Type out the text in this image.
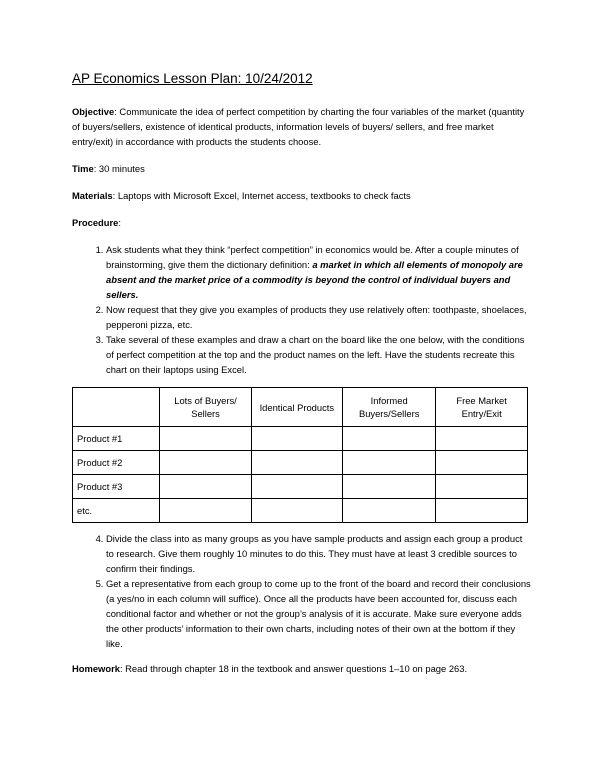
AP Economics Lesson Plan: 10/24/2012

Objective: Communicate the idea of perfect competition by charting the four variables of the market (quantity of buyers/sellers, existence of identical products, information levels of buyers/ sellers, and free market entry/exit) in accordance with products the students choose.

Time: 30 minutes

Materials: Laptops with Microsoft Excel, Internet access, textbooks to check facts

Procedure:

1. Ask students what they think “perfect competition” in economics would be. After a couple minutes of brainstorming, give them the dictionary definition: a market in which all elements of monopoly are absent and the market price of a commodity is beyond the control of individual buyers and sellers.
2. Now request that they give you examples of products they use relatively often: toothpaste, shoelaces, pepperoni pizza, etc.
3. Take several of these examples and draw a chart on the board like the one below, with the conditions of perfect competition at the top and the product names on the left. Have the students recreate this chart on their laptops using Excel.
	Lots of Buyers/ Sellers	Identical Products	Informed Buyers/Sellers	Free Market Entry/Exit
Product #1				
Product #2				
Product #3				
etc.				
4. Divide the class into as many groups as you have sample products and assign each group a product to research. Give them roughly 10 minutes to do this. They must have at least 3 credible sources to confirm their findings.
5. Get a representative from each group to come up to the front of the board and record their conclusions (a yes/no in each column will suffice). Once all the products have been accounted for, discuss each conditional factor and whether or not the group’s analysis of it is accurate. Make sure everyone adds the other products’ information to their own charts, including notes of their own at the bottom if they like.

Homework: Read through chapter 18 in the textbook and answer questions 1–10 on page 263.
